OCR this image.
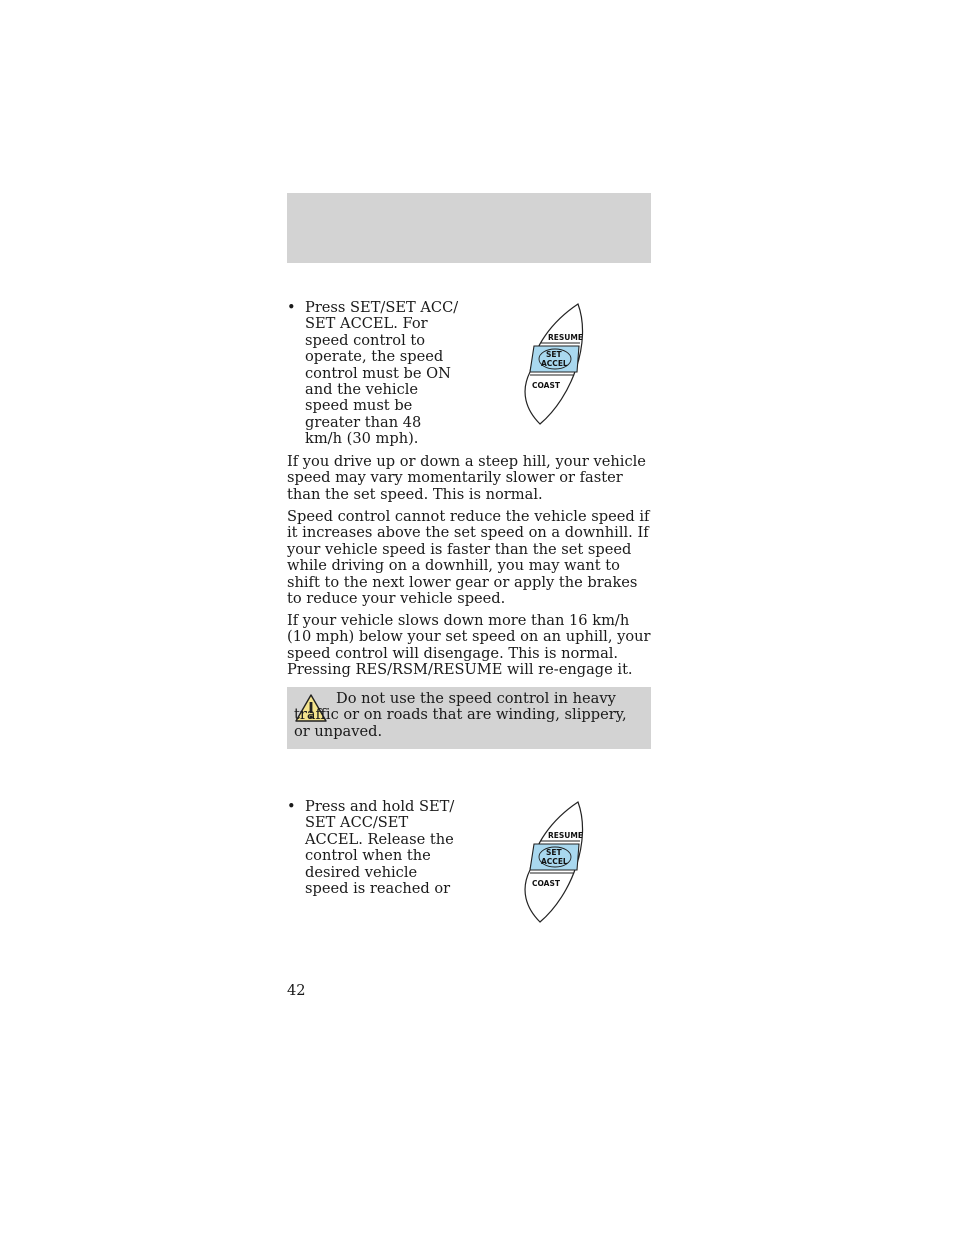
• Press SET/SET ACC/ SET ACCEL. For speed control to operate, the speed control must be ON and the vehicle speed must be greater than 48 km/h (30 mph).
RESUME
SET
ACCEL
COAST

If you drive up or down a steep hill, your vehicle speed may vary momentarily slower or faster than the set speed. This is normal.

Speed control cannot reduce the vehicle speed if it increases above the set speed on a downhill. If your vehicle speed is faster than the set speed while driving on a downhill, you may want to shift to the next lower gear or apply the brakes to reduce your vehicle speed.

If your vehicle slows down more than 16 km/h (10 mph) below your set speed on an uphill, your speed control will disengage. This is normal. Pressing RES/RSM/RESUME will re-engage it.

Do not use the speed control in heavy traffic or on roads that are winding, slippery, or unpaved.
• Press and hold SET/ SET ACC/SET ACCEL. Release the control when the desired vehicle speed is reached or
RESUME
SET
ACCEL
COAST
42
